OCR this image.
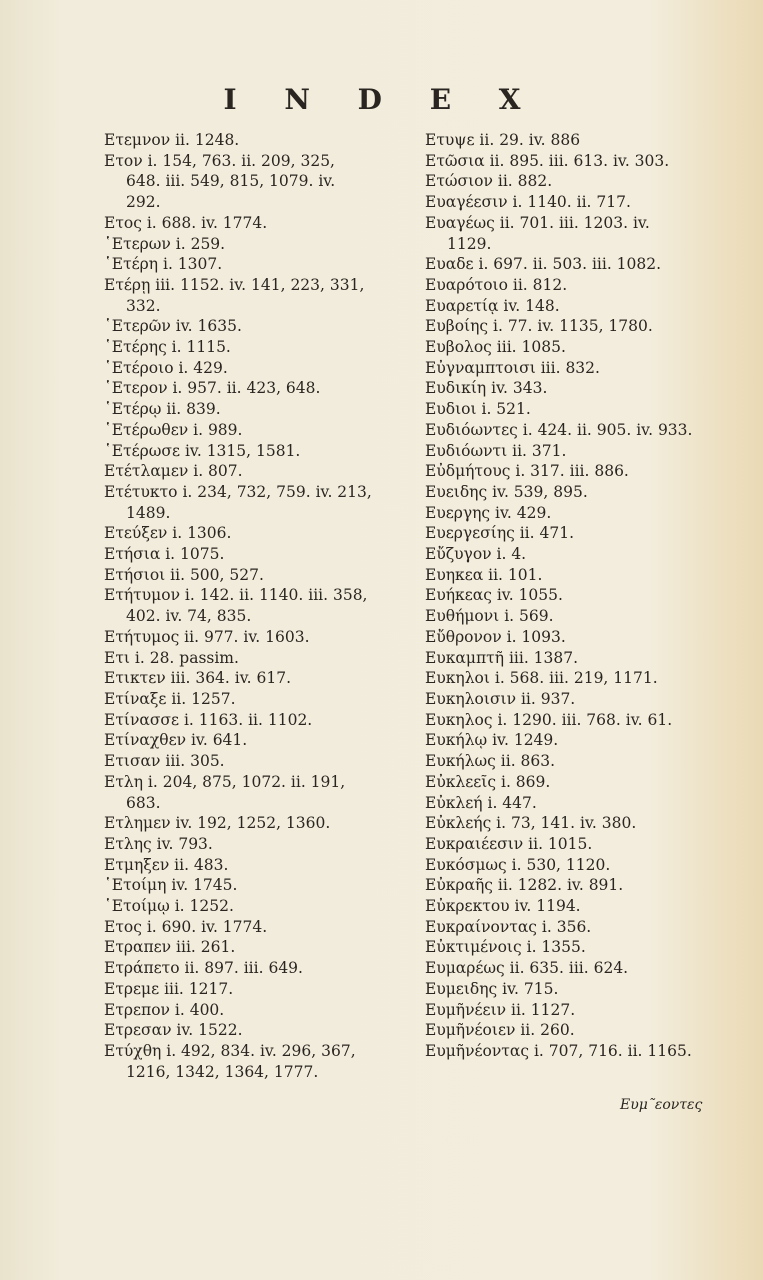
I N D E X
Ετεμνον ii. 1248.
Ετον i. 154, 763. ii. 209, 325,

648. iii. 549, 815, 1079. iv.
292.
Ετος i. 688. iv. 1774.
῾Ετερων i. 259.
῾Ετέρη i. 1307.
Ετέρῃ iii. 1152. iv. 141, 223, 331,

332.
῾Ετερῶν iv. 1635.
῾Ετέρης i. 1115.
῾Ετέροιο i. 429.
῾Ετερον i. 957. ii. 423, 648.
῾Ετέρῳ ii. 839.
῾Ετέρωθεν i. 989.
῾Ετέρωσε iv. 1315, 1581.
Ετέτλαμεν i. 807.
Ετέτυκτο i. 234, 732, 759. iv. 213,

1489.
Ετεύξεν i. 1306.
Ετήσια i. 1075.
Ετήσιοι ii. 500, 527.
Ετήτυμον i. 142. ii. 1140. iii. 358,

402. iv. 74, 835.
Ετήτυμος ii. 977. iv. 1603.
Ετι i. 28. passim.
Ετικτεν iii. 364. iv. 617.
Ετίναξε ii. 1257.
Ετίνασσε i. 1163. ii. 1102.
Ετίναχθεν iv. 641.
Ετισαν iii. 305.
Ετλη i. 204, 875, 1072. ii. 191,

683.
Ετλημεν iv. 192, 1252, 1360.
Ετλης iv. 793.
Ετμηξεν ii. 483.
῾Ετοίμη iv. 1745.
῾Ετοίμῳ i. 1252.
Ετος i. 690. iv. 1774.
Ετραπεν iii. 261.
Ετράπετο ii. 897. iii. 649.
Ετρεμε iii. 1217.
Ετρεπον i. 400.
Ετρεσαν iv. 1522.
Ετύχθη i. 492, 834. iv. 296, 367,

1216, 1342, 1364, 1777.
Ετυψε ii. 29. iv. 886
Ετῶσια ii. 895. iii. 613. iv. 303.
Ετώσιον ii. 882.
Ευαγέεσιν i. 1140. ii. 717.
Ευαγέως ii. 701. iii. 1203. iv.

1129.
Ευαδε i. 697. ii. 503. iii. 1082.
Ευαρότοιο ii. 812.
Ευαρετίᾳ iv. 148.
Ευβοίης i. 77. iv. 1135, 1780.
Ευβολος iii. 1085.
Εὐγναμπτοισι iii. 832.
Ευδικίη iv. 343.
Ευδιοι i. 521.
Ευδιόωντες i. 424. ii. 905. iv. 933.
Ευδιόωντι ii. 371.
Εὐδμήτους i. 317. iii. 886.
Ευειδης iv. 539, 895.
Ευεργης iv. 429.
Ευεργεσίης ii. 471.
Εὔζυγον i. 4.
Ευηκεα ii. 101.
Ευήκεας iv. 1055.
Ευθήμονι i. 569.
Εὔθρονον i. 1093.
Ευκαμπτῆ iii. 1387.
Ευκηλοι i. 568. iii. 219, 1171.
Ευκηλοισιν ii. 937.
Ευκηλος i. 1290. iii. 768. iv. 61.
Ευκήλῳ iv. 1249.
Ευκήλως ii. 863.
Εὐκλεεῖς i. 869.
Εὐκλεή i. 447.
Εὐκλεής i. 73, 141. iv. 380.
Ευκραιέεσιν ii. 1015.
Ευκόσμως i. 530, 1120.
Εὐκραῆς ii. 1282. iv. 891.
Εὐκρεκτου iv. 1194.
Ευκραίνοντας i. 356.
Εὐκτιμένοις i. 1355.
Ευμαρέως ii. 635. iii. 624.
Ευμειδης iv. 715.
Ευμῆνέειν ii. 1127.
Ευμῆνέοιεν ii. 260.
Ευμῆνέοντας i. 707, 716. ii. 1165.
Ευμ῀εοντες
